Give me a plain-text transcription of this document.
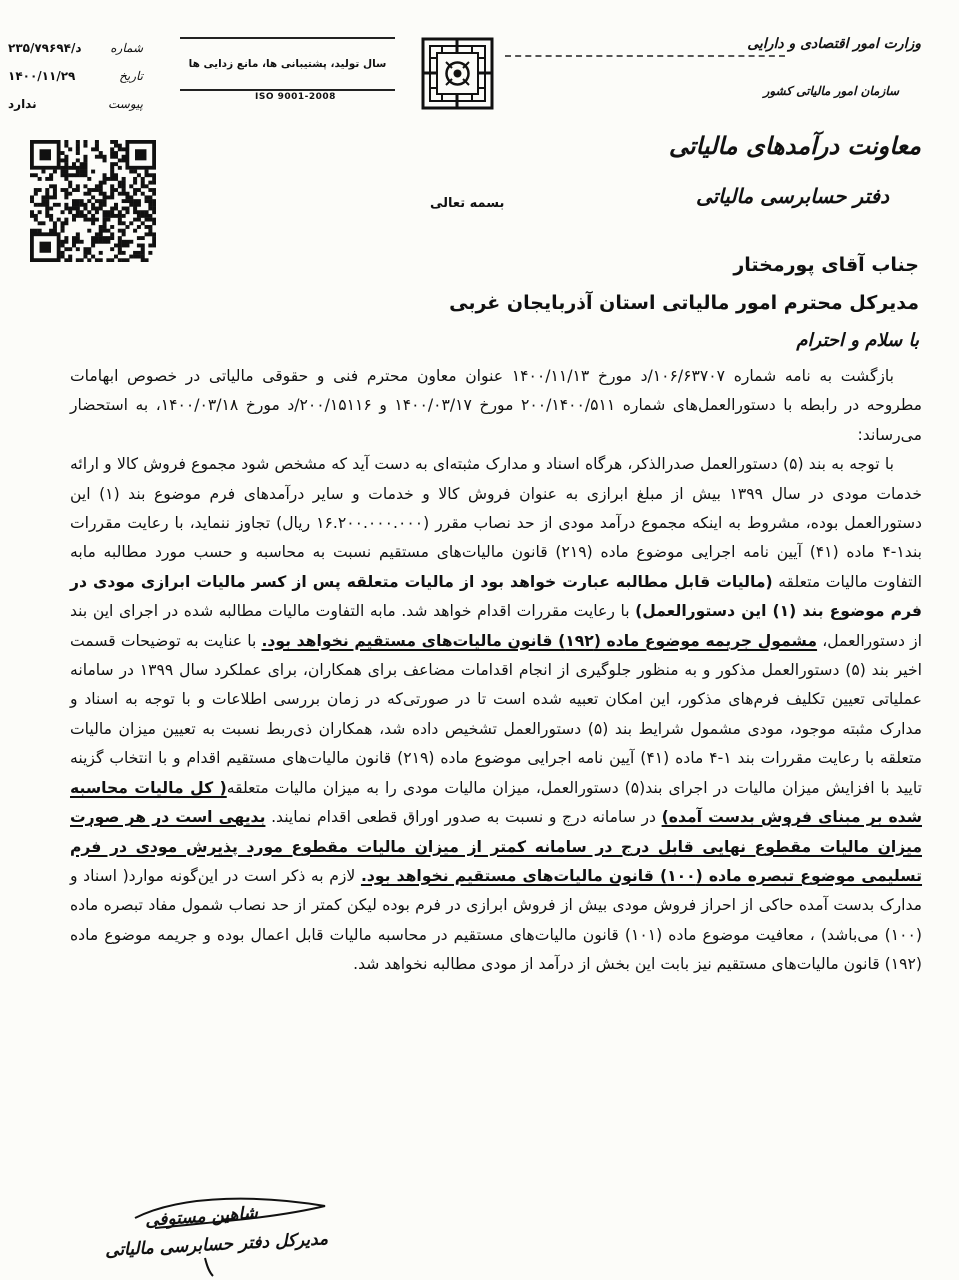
۲۳۵/۷۹۶۹۴/د شماره
۱۴۰۰/۱۱/۲۹	تاریخ
ندارد	پیوست
سال تولید، پشتیبانی ها، مانع زدایی ها
ISO 9001-2008
وزارت امور اقتصادی و دارایی
سازمان امور مالیاتی کشور
معاونت درآمدهای مالیاتی
دفتر حسابرسی مالیاتی
بسمه تعالی
جناب آقای پورمختار
مدیرکل محترم امور مالیاتی استان آذربایجان غربی
با سلام و احترام

بازگشت به نامه شماره ۱۰۶/۶۳۷۰۷/د مورخ ۱۴۰۰/۱۱/۱۳ عنوان معاون محترم فنی و حقوقی مالیاتی در خصوص ابهامات مطروحه در رابطه با دستورالعمل‌های شماره ۲۰۰/۱۴۰۰/۵۱۱ مورخ ۱۴۰۰/۰۳/۱۷ و ۲۰۰/۱۵۱۱۶/د مورخ ۱۴۰۰/۰۳/۱۸، به استحضار می‌رساند:

با توجه به بند (۵) دستورالعمل صدرالذکر، هرگاه اسناد و مدارک مثبته‌ای به دست آید که مشخص شود مجموع فروش کالا و ارائه خدمات مودی در سال ۱۳۹۹ بیش از مبلغ ابرازی به عنوان فروش کالا و خدمات و سایر درآمدهای فرم موضوع بند (۱) این دستورالعمل بوده، مشروط به اینکه مجموع درآمد مودی از حد نصاب مقرر (۱۶.۲۰۰.۰۰۰.۰۰۰ ریال) تجاوز ننماید، با رعایت مقررات بند۱-۴ ماده (۴۱) آیین نامه اجرایی موضوع ماده (۲۱۹) قانون مالیات‌های مستقیم نسبت به محاسبه و حسب مورد مطالبه مابه التفاوت مالیات متعلقه (مالیات قابل مطالبه عبارت خواهد بود از مالیات متعلقه پس از کسر مالیات ابرازی مودی در فرم موضوع بند (۱) این دستورالعمل) با رعایت مقررات اقدام خواهد شد. مابه التفاوت مالیات مطالبه شده در اجرای این بند از دستورالعمل، مشمول جریمه موضوع ماده (۱۹۲) قانون مالیات‌های مستقیم نخواهد بود. با عنایت به توضیحات قسمت اخیر بند (۵) دستورالعمل مذکور و به منظور جلوگیری از انجام اقدامات مضاعف برای همکاران، برای عملکرد سال ۱۳۹۹ در سامانه عملیاتی تعیین تکلیف فرم‌های مذکور، این امکان تعبیه شده است تا در صورتی‌که در زمان بررسی اطلاعات و با توجه به اسناد و مدارک مثبته موجود، مودی مشمول شرایط بند (۵) دستورالعمل تشخیص داده شد، همکاران ذی‌ربط نسبت به تعیین میزان مالیات متعلقه با رعایت مقررات بند ۱-۴ ماده (۴۱) آیین نامه اجرایی موضوع ماده (۲۱۹) قانون مالیات‌های مستقیم اقدام و با انتخاب گزینه تایید با افزایش میزان مالیات در اجرای بند(۵) دستورالعمل، میزان مالیات مودی را به میزان مالیات متعلقه( کل مالیات محاسبه شده بر مبنای فروش بدست آمده) در سامانه درج و نسبت به صدور اوراق قطعی اقدام نمایند. بدیهی است در هر صورت میزان مالیات مقطوع نهایی قابل درج در سامانه کمتر از میزان مالیات مقطوع مورد پذیرش مودی در فرم تسلیمی موضوع تبصره ماده (۱۰۰) قانون مالیات‌های مستقیم نخواهد بود. لازم به ذکر است در این‌گونه موارد( اسناد و مدارک بدست آمده حاکی از احراز فروش مودی بیش از فروش ابرازی در فرم بوده لیکن کمتر از حد نصاب شمول مفاد تبصره ماده (۱۰۰) می‌باشد) ، معافیت موضوع ماده (۱۰۱) قانون مالیات‌های مستقیم در محاسبه مالیات قابل اعمال بوده و جریمه موضوع ماده (۱۹۲) قانون مالیات‌های مستقیم نیز بابت این بخش از درآمد از مودی مطالبه نخواهد شد.

شاهین مستوفی
مدیرکل دفتر حسابرسی مالیاتی
